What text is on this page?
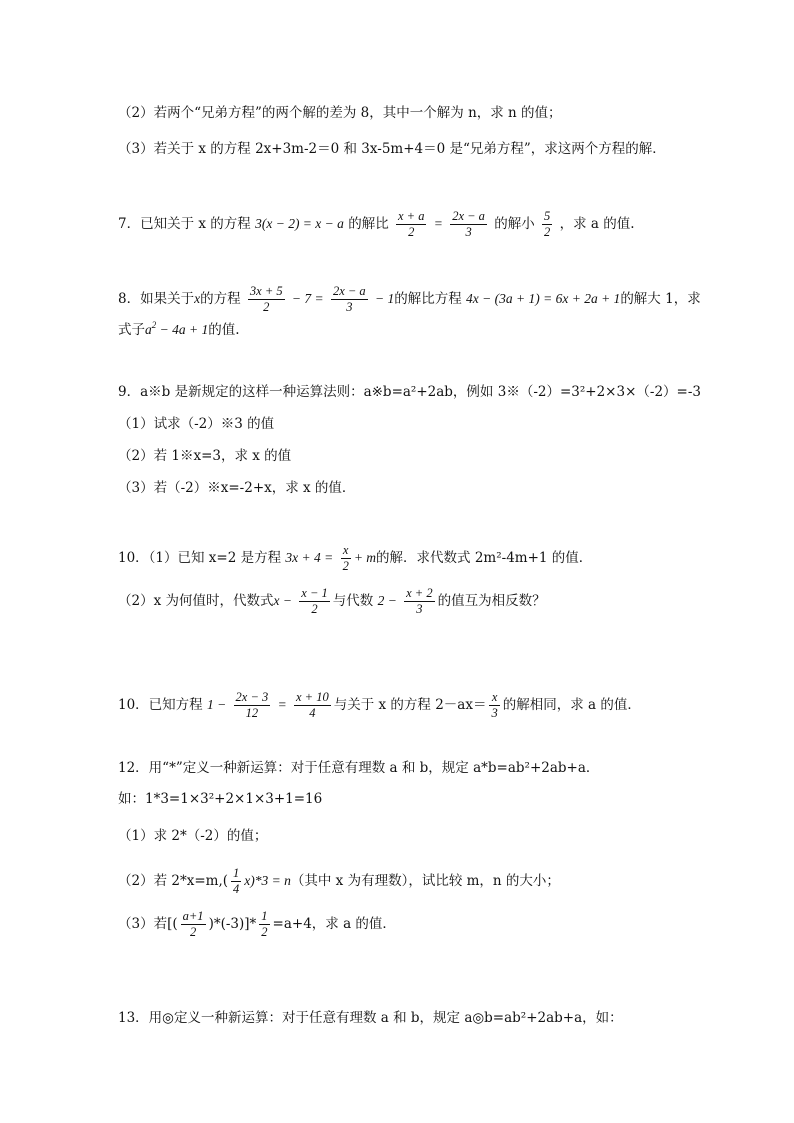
（2）若两个“兄弟方程”的两个解的差为 8，其中一个解为 n，求 n 的值；
（3）若关于 x 的方程 2x+3m-2＝0 和 3x-5m+4＝0 是“兄弟方程”，求这两个方程的解．
7．已知关于 x 的方程 3(x − 2) = x − a 的解比 $\frac{x + a}{2} = \frac{2x - a}{3}$ 的解小 $\frac{5}{2}$ ，求 a 的值.
8．如果关于x的方程 $\frac{3x + 5}{2} - 7 = \frac{2x - a}{3} - 1$的解比方程 4x − (3a + 1) = 6x + 2a + 1的解大 1，求
式子$a^2 - 4a + 1$的值.
9．a※b 是新规定的这样一种运算法则：a※b=a²+2ab，例如 3※（-2）=3²+2×3×（-2）=-3
（1）试求（-2）※3 的值
（2）若 1※x=3，求 x 的值
（3）若（-2）※x=-2+x，求 x 的值．
10．（1）已知 x=2 是方程 $3x + 4 = \frac{x}{2} + m$的解．求代数式 2m²-4m+1 的值．
（2）x 为何值时，代数式$x - \frac{x - 1}{2}$ 与代数 $2 - \frac{x + 2}{3}$ 的值互为相反数？
10．已知方程 $1 - \frac{2x - 3}{12} = \frac{x + 10}{4}$ 与关于 x 的方程 $2-ax= \frac{x}{3}$ 的解相同，求 a 的值．
12．用“*”定义一种新运算：对于任意有理数 a 和 b，规定 a*b=ab²+2ab+a．
如：1*3=1×3²+2×1×3+1=16
（1）求 2*（-2）的值；
（2）若 $2*x=m,( \frac{1}{4} x)*3 = n$（其中 x 为有理数），试比较 m，n 的大小；
（3）若[( $\frac{a+1}{2} )*(-3)]* \frac{1}{2} =a+4$，求 a 的值．
13．用◎定义一种新运算：对于任意有理数 a 和 b，规定 a◎b=ab²+2ab+a，如：
